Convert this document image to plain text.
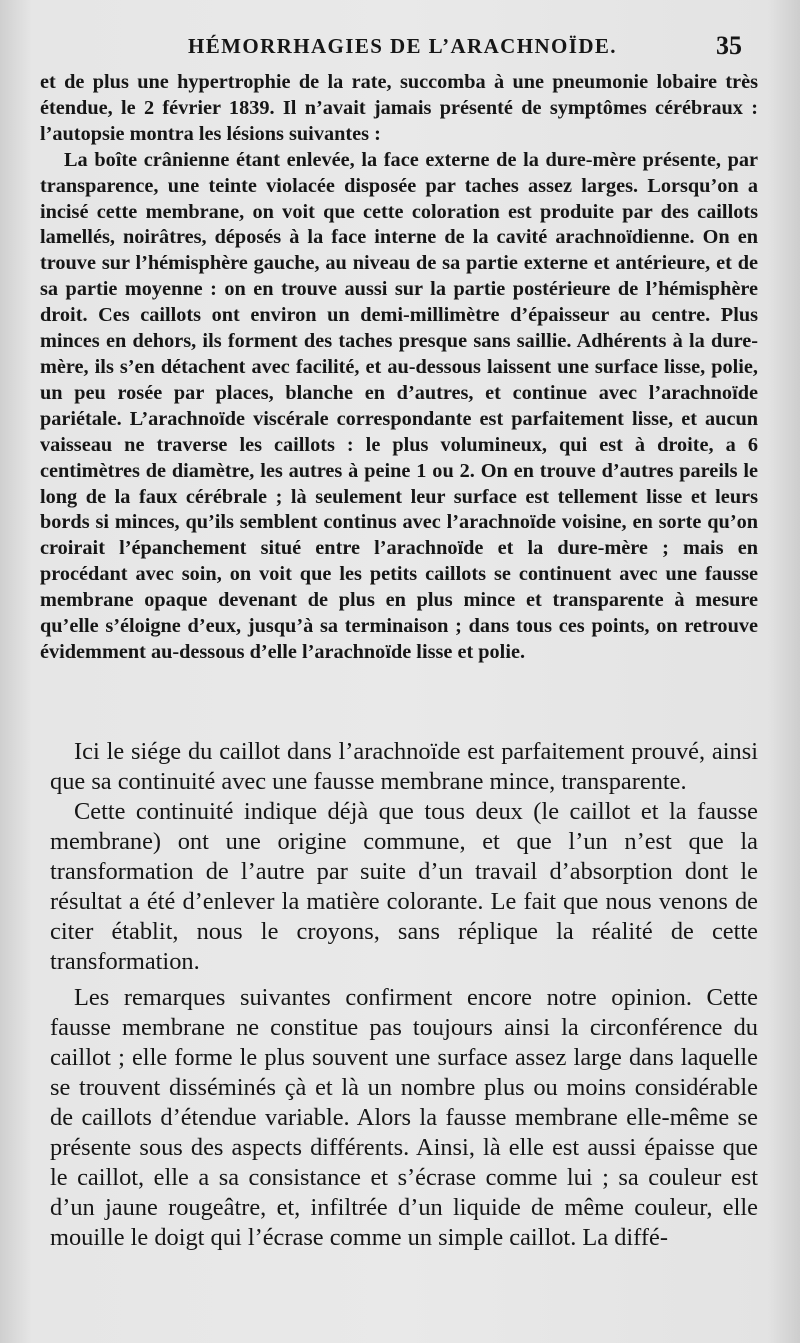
HÉMORRHAGIES DE L’ARACHNOÏDE.	35

et de plus une hypertrophie de la rate, succomba à une pneumonie lobaire très étendue, le 2 février 1839. Il n’avait jamais présenté de symptômes cérébraux : l’autopsie montra les lésions suivantes :

La boîte crânienne étant enlevée, la face externe de la dure-mère présente, par transparence, une teinte violacée disposée par taches assez larges. Lorsqu’on a incisé cette membrane, on voit que cette coloration est produite par des caillots lamellés, noirâtres, déposés à la face interne de la cavité arachnoïdienne. On en trouve sur l’hémisphère gauche, au niveau de sa partie externe et antérieure, et de sa partie moyenne : on en trouve aussi sur la partie postérieure de l’hémisphère droit. Ces caillots ont environ un demi-millimètre d’épaisseur au centre. Plus minces en dehors, ils forment des taches presque sans saillie. Adhérents à la dure-mère, ils s’en détachent avec facilité, et au-dessous laissent une surface lisse, polie, un peu rosée par places, blanche en d’autres, et continue avec l’arachnoïde pariétale. L’arachnoïde viscérale correspondante est parfaitement lisse, et aucun vaisseau ne traverse les caillots : le plus volumineux, qui est à droite, a 6 centimètres de diamètre, les autres à peine 1 ou 2. On en trouve d’autres pareils le long de la faux cérébrale ; là seulement leur surface est tellement lisse et leurs bords si minces, qu’ils semblent continus avec l’arachnoïde voisine, en sorte qu’on croirait l’épanchement situé entre l’arachnoïde et la dure-mère ; mais en procédant avec soin, on voit que les petits caillots se continuent avec une fausse membrane opaque devenant de plus en plus mince et transparente à mesure qu’elle s’éloigne d’eux, jusqu’à sa terminaison ; dans tous ces points, on retrouve évidemment au-dessous d’elle l’arachnoïde lisse et polie.

Ici le siége du caillot dans l’arachnoïde est parfaitement prouvé, ainsi que sa continuité avec une fausse membrane mince, transparente.

Cette continuité indique déjà que tous deux (le caillot et la fausse membrane) ont une origine commune, et que l’un n’est que la transformation de l’autre par suite d’un travail d’absorption dont le résultat a été d’enlever la matière colorante. Le fait que nous venons de citer établit, nous le croyons, sans réplique la réalité de cette transformation.

Les remarques suivantes confirment encore notre opinion. Cette fausse membrane ne constitue pas toujours ainsi la circonférence du caillot ; elle forme le plus souvent une surface assez large dans laquelle se trouvent disséminés çà et là un nombre plus ou moins considérable de caillots d’étendue variable. Alors la fausse membrane elle-même se présente sous des aspects différents. Ainsi, là elle est aussi épaisse que le caillot, elle a sa consistance et s’écrase comme lui ; sa couleur est d’un jaune rougeâtre, et, infiltrée d’un liquide de même couleur, elle mouille le doigt qui l’écrase comme un simple caillot. La diffé-
